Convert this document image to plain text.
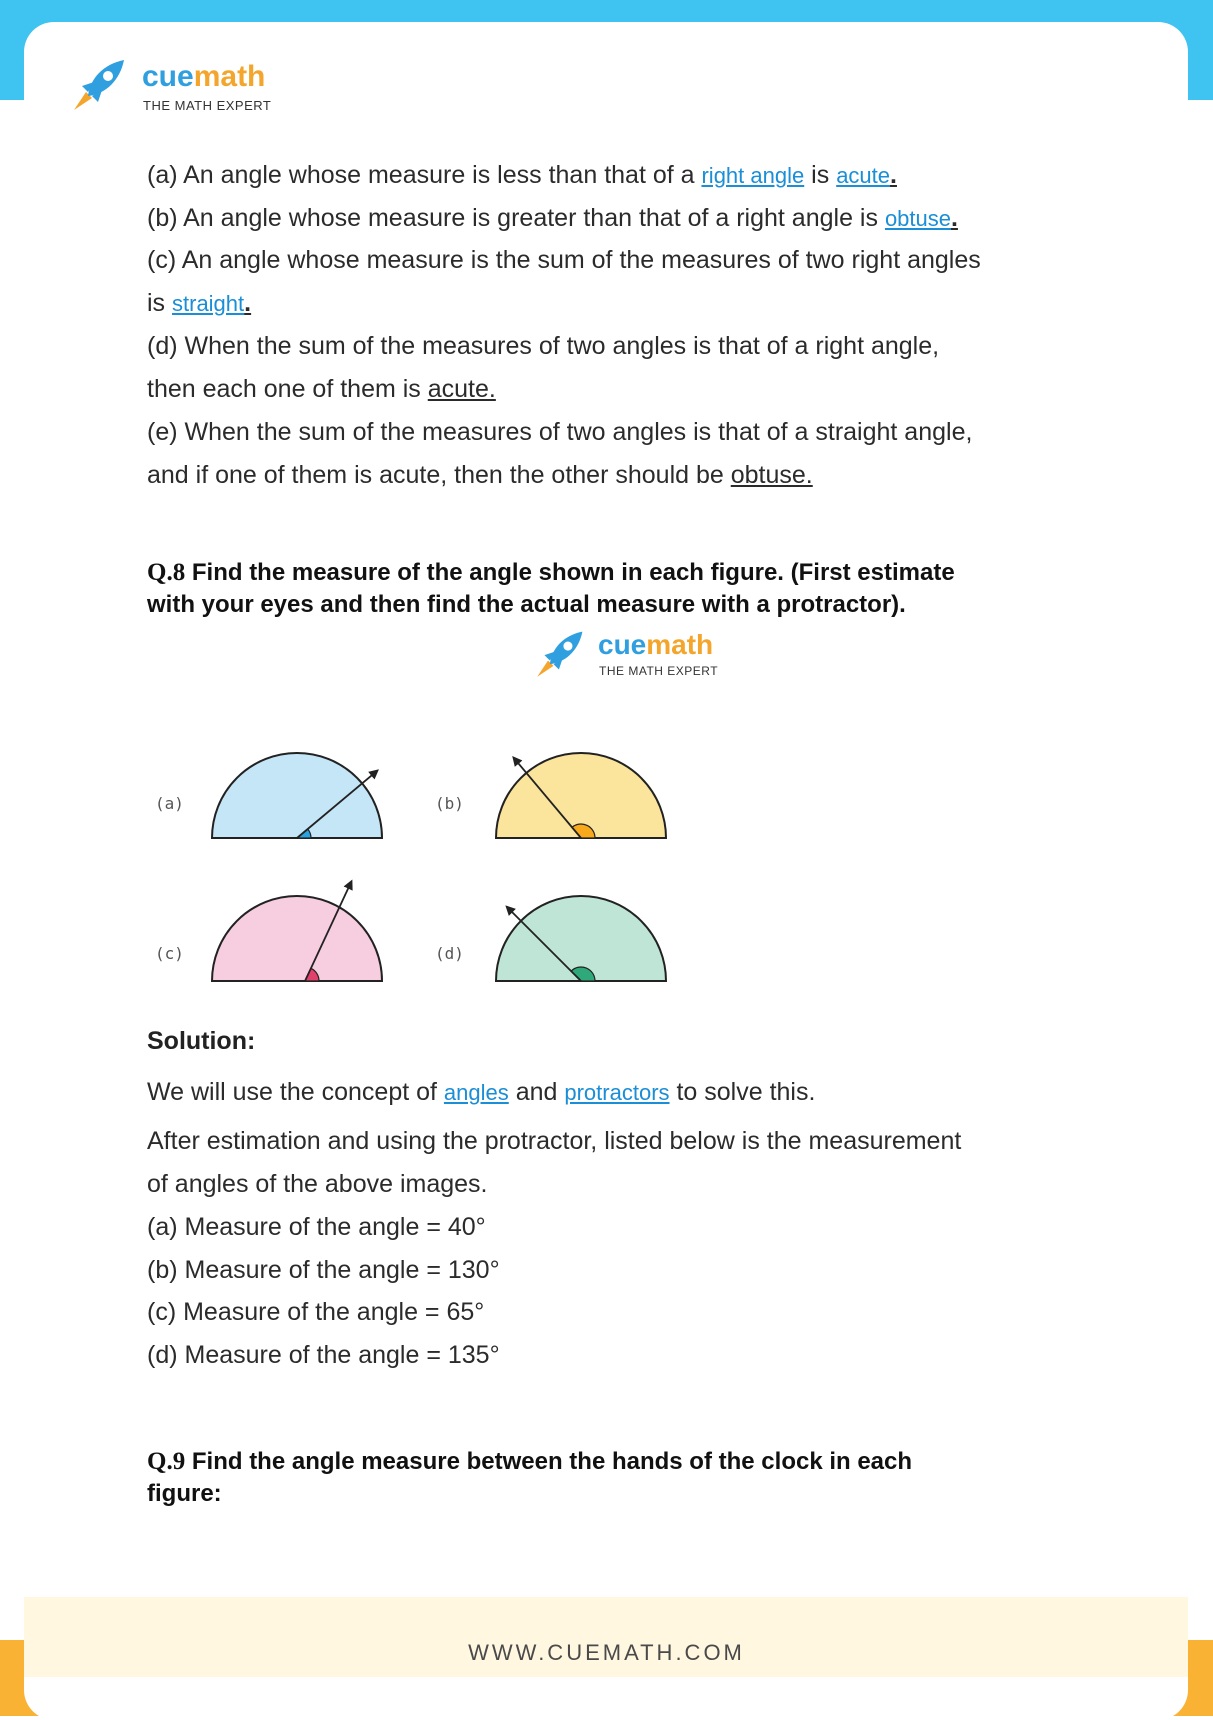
cuemath
THE MATH EXPERT
(a) An angle whose measure is less than that of a right angle is acute.
(b) An angle whose measure is greater than that of a right angle is obtuse.
(c) An angle whose measure is the sum of the measures of two right angles
is straight.
(d) When the sum of the measures of two angles is that of a right angle,
then each one of them is acute.
(e) When the sum of the measures of two angles is that of a straight angle,
and if one of them is acute, then the other should be obtuse.
Q.8 Find the measure of the angle shown in each figure. (First estimate
with your eyes and then find the actual measure with a protractor).
cuemath
THE MATH EXPERT
(a)	(b)
(c)	(d)
Solution:
We will use the concept of angles and protractors to solve this.
After estimation and using the protractor, listed below is the measurement
of angles of the above images.
(a) Measure of the angle = 40°
(b) Measure of the angle = 130°
(c) Measure of the angle = 65°
(d) Measure of the angle = 135°
Q.9 Find the angle measure between the hands of the clock in each
figure:
WWW.CUEMATH.COM
